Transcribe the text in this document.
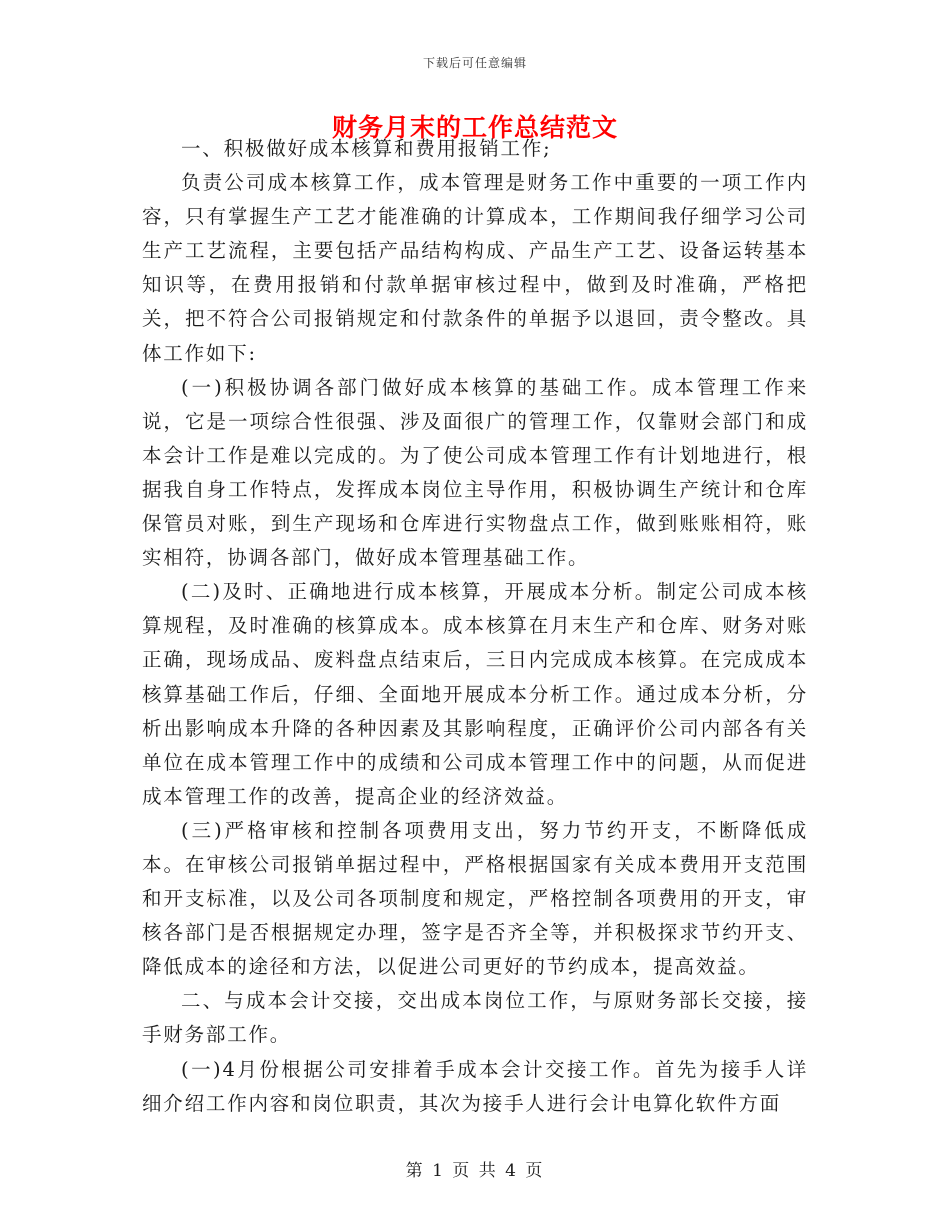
下载后可任意编辑
财务月末的工作总结范文

一、积极做好成本核算和费用报销工作;

负责公司成本核算工作，成本管理是财务工作中重要的一项工作内容，只有掌握生产工艺才能准确的计算成本，工作期间我仔细学习公司生产工艺流程，主要包括产品结构构成、产品生产工艺、设备运转基本知识等，在费用报销和付款单据审核过程中，做到及时准确，严格把关，把不符合公司报销规定和付款条件的单据予以退回，责令整改。具体工作如下:

(一)积极协调各部门做好成本核算的基础工作。成本管理工作来说，它是一项综合性很强、涉及面很广的管理工作，仅靠财会部门和成本会计工作是难以完成的。为了使公司成本管理工作有计划地进行，根据我自身工作特点，发挥成本岗位主导作用，积极协调生产统计和仓库保管员对账，到生产现场和仓库进行实物盘点工作，做到账账相符，账实相符，协调各部门，做好成本管理基础工作。

(二)及时、正确地进行成本核算，开展成本分析。制定公司成本核算规程，及时准确的核算成本。成本核算在月末生产和仓库、财务对账正确，现场成品、废料盘点结束后，三日内完成成本核算。在完成成本核算基础工作后，仔细、全面地开展成本分析工作。通过成本分析，分析出影响成本升降的各种因素及其影响程度，正确评价公司内部各有关单位在成本管理工作中的成绩和公司成本管理工作中的问题，从而促进成本管理工作的改善，提高企业的经济效益。

(三)严格审核和控制各项费用支出，努力节约开支，不断降低成本。在审核公司报销单据过程中，严格根据国家有关成本费用开支范围和开支标准，以及公司各项制度和规定，严格控制各项费用的开支，审核各部门是否根据规定办理，签字是否齐全等，并积极探求节约开支、降低成本的途径和方法，以促进公司更好的节约成本，提高效益。

二、与成本会计交接，交出成本岗位工作，与原财务部长交接，接手财务部工作。

(一)4月份根据公司安排着手成本会计交接工作。首先为接手人详细介绍工作内容和岗位职责，其次为接手人进行会计电算化软件方面

第 1 页 共 4 页
